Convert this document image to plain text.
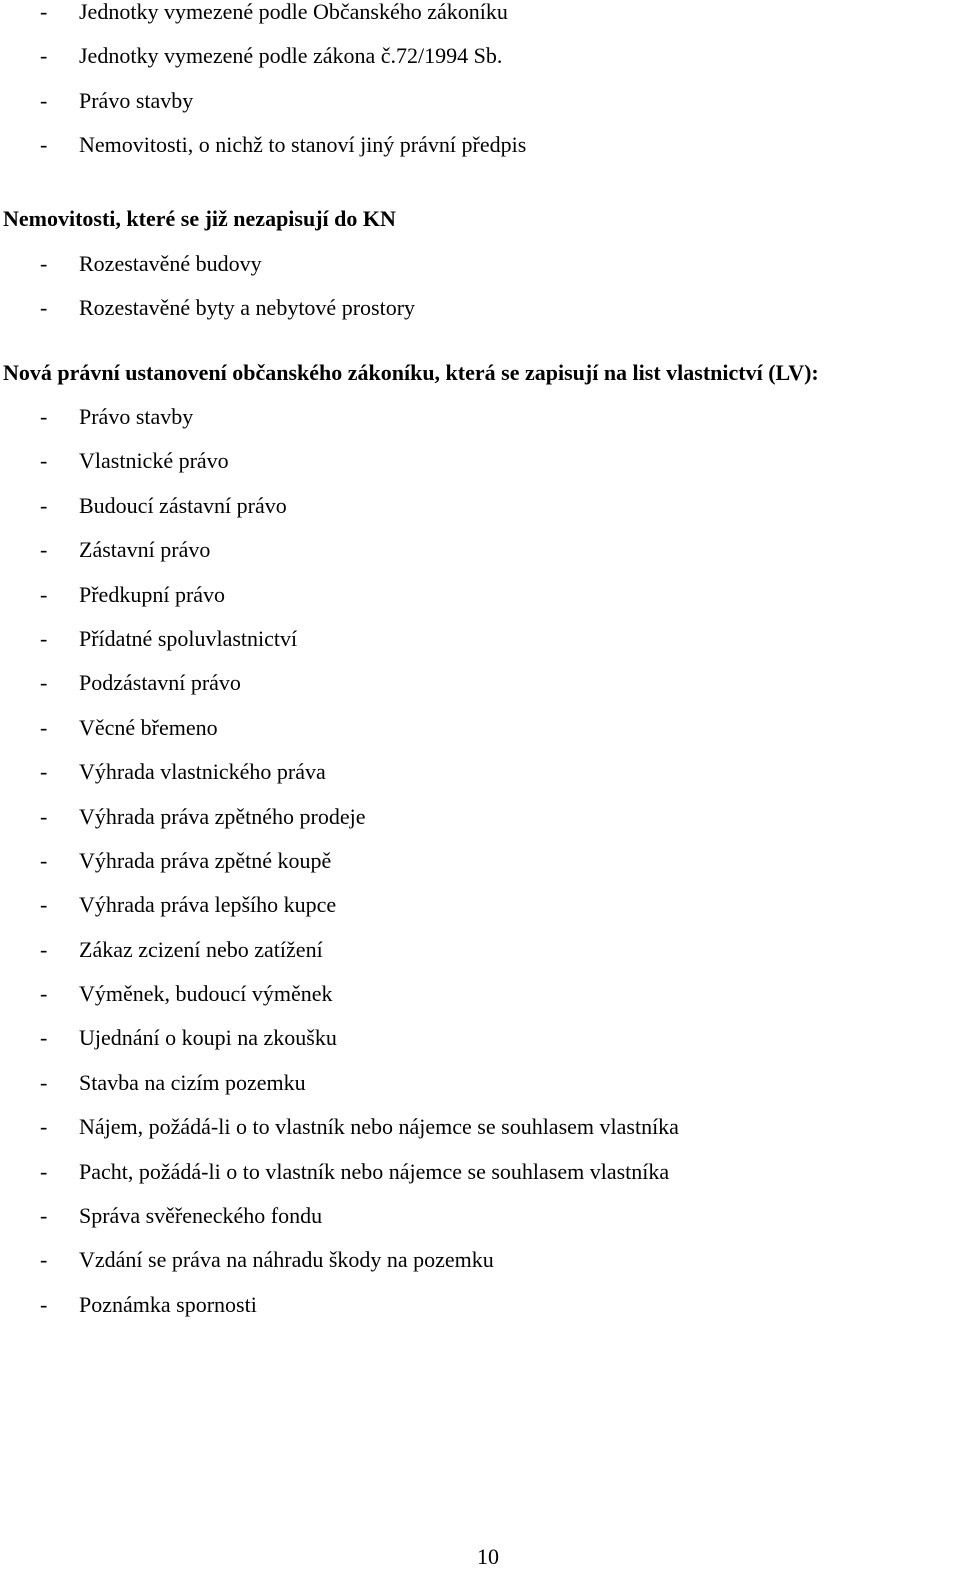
- Jednotky vymezené podle Občanského zákoníku
- Jednotky vymezené podle zákona č.72/1994 Sb.
- Právo stavby
- Nemovitosti, o nichž to stanoví jiný právní předpis
Nemovitosti, které se již nezapisují do KN
- Rozestavěné budovy
- Rozestavěné byty a nebytové prostory
Nová právní ustanovení občanského zákoníku, která se zapisují na list vlastnictví (LV):
- Právo stavby
- Vlastnické právo
- Budoucí zástavní právo
- Zástavní právo
- Předkupní právo
- Přídatné spoluvlastnictví
- Podzástavní právo
- Věcné břemeno
- Výhrada vlastnického práva
- Výhrada práva zpětného prodeje
- Výhrada práva zpětné koupě
- Výhrada práva lepšího kupce
- Zákaz zcizení nebo zatížení
- Výměnek, budoucí výměnek
- Ujednání o koupi na zkoušku
- Stavba na cizím pozemku
- Nájem, požádá-li o to vlastník nebo nájemce se souhlasem vlastníka
- Pacht, požádá-li o to vlastník nebo nájemce se souhlasem vlastníka
- Správa svěřeneckého fondu
- Vzdání se práva na náhradu škody na pozemku
- Poznámka spornosti
10
